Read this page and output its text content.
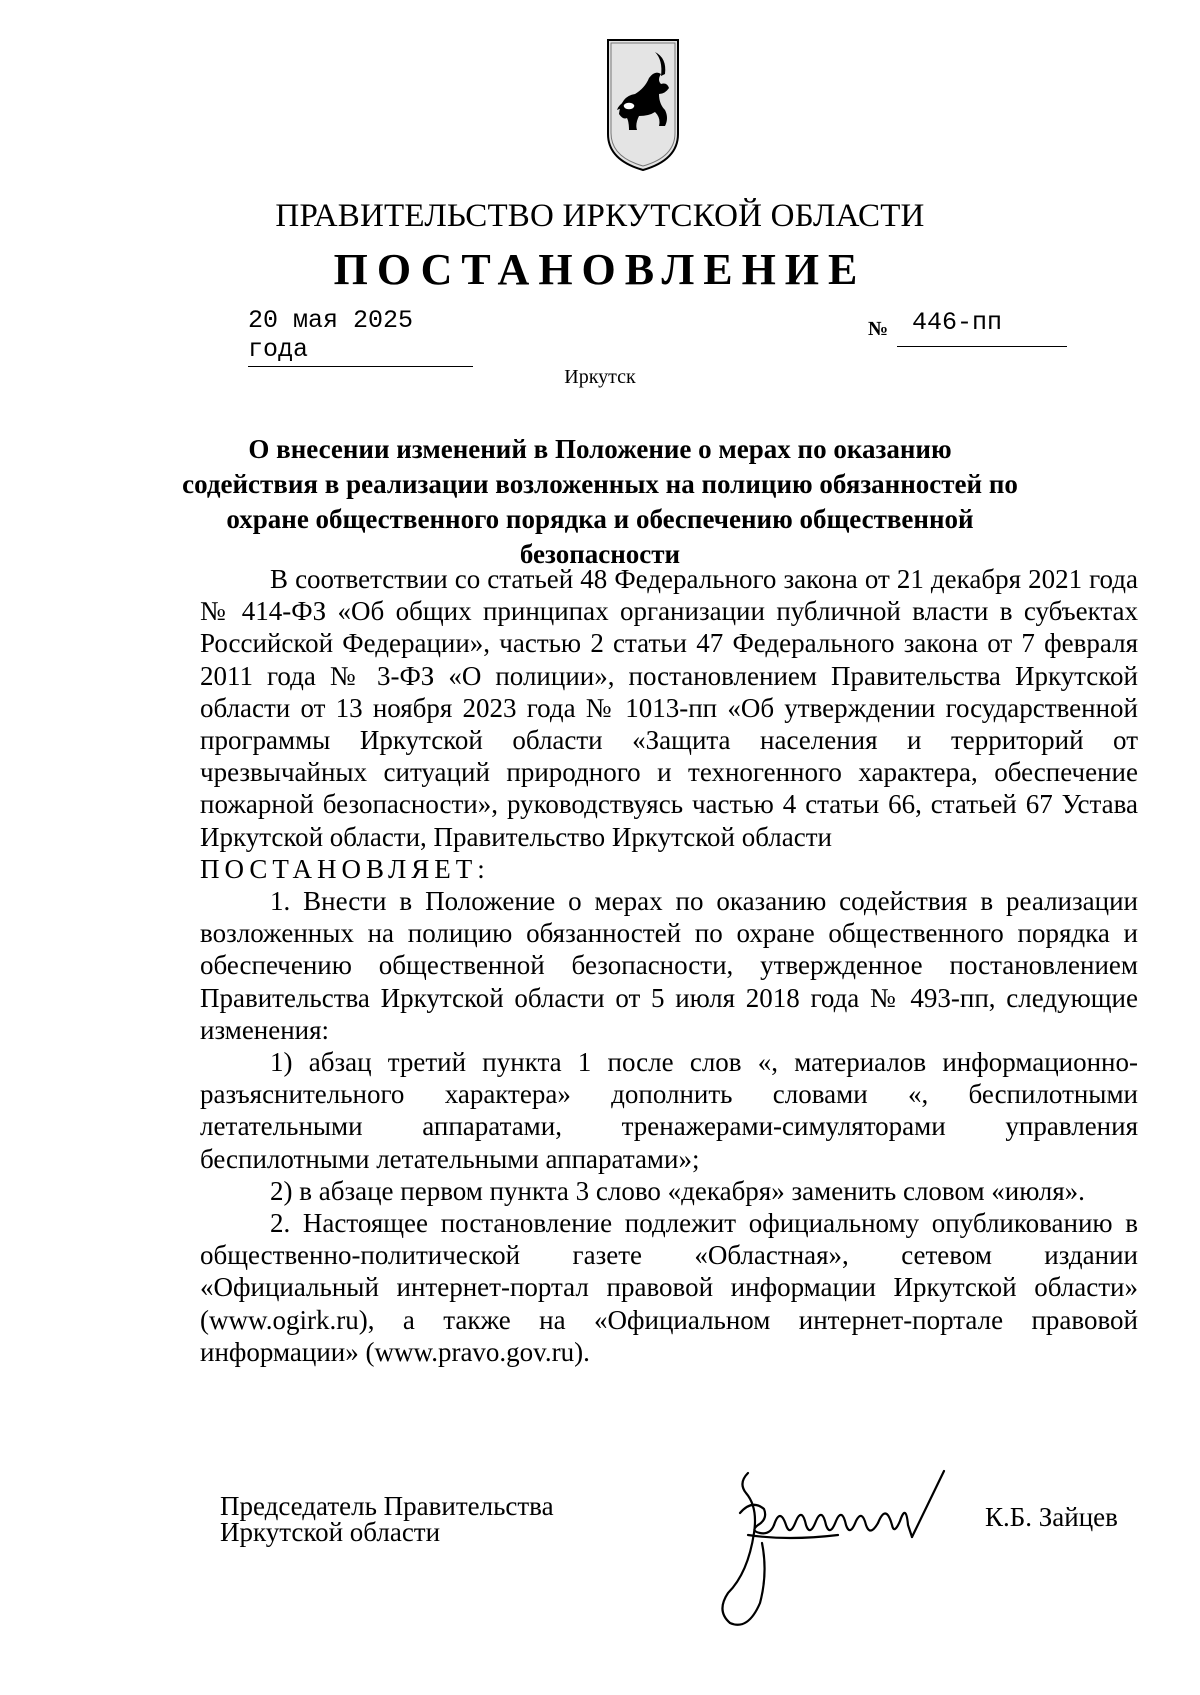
ПРАВИТЕЛЬСТВО ИРКУТСКОЙ ОБЛАСТИ
ПОСТАНОВЛЕНИЕ
20 мая 2025 года
№ 446-пп
Иркутск
О внесении изменений в Положение о мерах по оказанию содействия в реализации возложенных на полицию обязанностей по охране общественного порядка и обеспечению общественной безопасности

В соответствии со статьей 48 Федерального закона от 21 декабря 2021 года № 414-ФЗ «Об общих принципах организации публичной власти в субъектах Российской Федерации», частью 2 статьи 47 Федерального закона от 7 февраля 2011 года № 3-ФЗ «О полиции», постановлением Правительства Иркутской области от 13 ноября 2023 года № 1013-пп «Об утверждении государственной программы Иркутской области «Защита населения и территорий от чрезвычайных ситуаций природного и техногенного характера, обеспечение пожарной безопасности», руководствуясь частью 4 статьи 66, статьей 67 Устава Иркутской области, Правительство Иркутской области

ПОСТАНОВЛЯЕТ:

1. Внести в Положение о мерах по оказанию содействия в реализации возложенных на полицию обязанностей по охране общественного порядка и обеспечению общественной безопасности, утвержденное постановлением Правительства Иркутской области от 5 июля 2018 года № 493-пп, следующие изменения:

1) абзац третий пункта 1 после слов «, материалов информационно-разъяснительного характера» дополнить словами «, беспилотными летательными аппаратами, тренажерами-симуляторами управления беспилотными летательными аппаратами»;

2) в абзаце первом пункта 3 слово «декабря» заменить словом «июля».

2. Настоящее постановление подлежит официальному опубликованию в общественно-политической газете «Областная», сетевом издании «Официальный интернет-портал правовой информации Иркутской области» (www.ogirk.ru), а также на «Официальном интернет-портале правовой информации» (www.pravo.gov.ru).

Председатель Правительства
Иркутской области	К.Б. Зайцев
